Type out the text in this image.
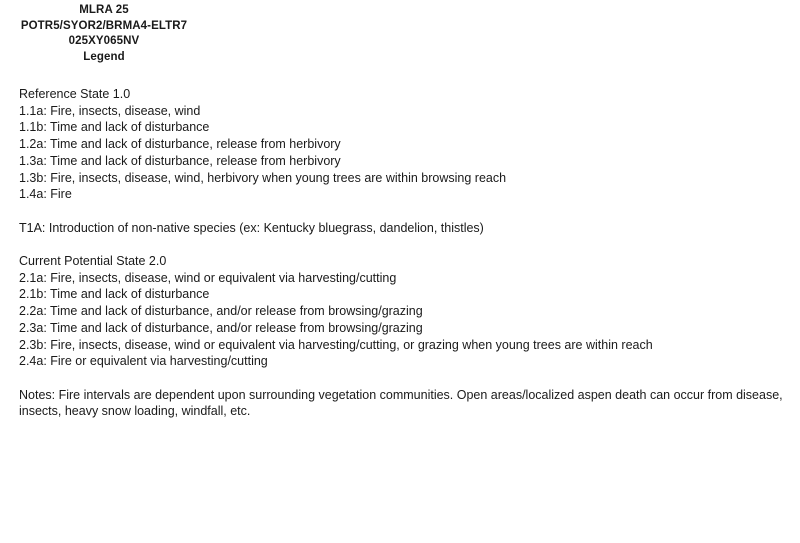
MLRA 25
POTR5/SYOR2/BRMA4-ELTR7
025XY065NV
Legend
Reference State 1.0
1.1a: Fire, insects, disease, wind
1.1b: Time and lack of disturbance
1.2a: Time and lack of disturbance, release from herbivory
1.3a: Time and lack of disturbance, release from herbivory
1.3b: Fire, insects, disease, wind, herbivory when young trees are within browsing reach
1.4a: Fire
T1A: Introduction of non-native species (ex: Kentucky bluegrass, dandelion, thistles)
Current Potential State 2.0
2.1a: Fire, insects, disease, wind or equivalent via harvesting/cutting
2.1b: Time and lack of disturbance
2.2a: Time and lack of disturbance, and/or release from browsing/grazing
2.3a: Time and lack of disturbance, and/or release from browsing/grazing
2.3b: Fire, insects, disease, wind or equivalent via harvesting/cutting, or grazing when young trees are within reach
2.4a: Fire or equivalent via harvesting/cutting
Notes: Fire intervals are dependent upon surrounding vegetation communities. Open areas/localized aspen death can occur from disease, insects, heavy snow loading, windfall, etc.
